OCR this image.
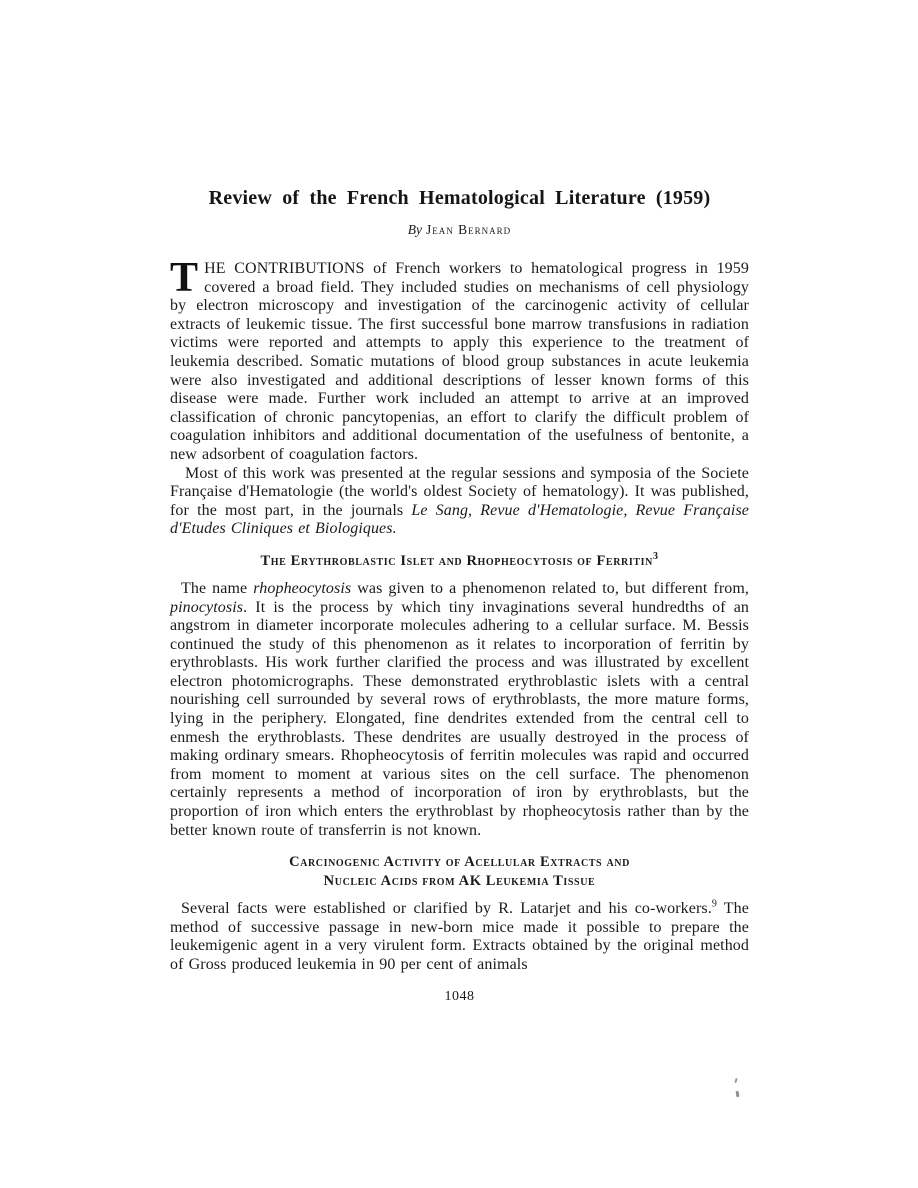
Review of the French Hematological Literature (1959)
By Jean Bernard

THE CONTRIBUTIONS of French workers to hematological progress in 1959 covered a broad field. They included studies on mechanisms of cell physiology by electron microscopy and investigation of the carcinogenic activity of cellular extracts of leukemic tissue. The first successful bone marrow transfusions in radiation victims were reported and attempts to apply this experience to the treatment of leukemia described. Somatic mutations of blood group substances in acute leukemia were also investigated and additional descriptions of lesser known forms of this disease were made. Further work included an attempt to arrive at an improved classification of chronic pancytopenias, an effort to clarify the difficult problem of coagulation inhibitors and additional documentation of the usefulness of bentonite, a new adsorbent of coagulation factors.

Most of this work was presented at the regular sessions and symposia of the Societe Française d'Hematologie (the world's oldest Society of hematology). It was published, for the most part, in the journals Le Sang, Revue d'Hematologie, Revue Française d'Etudes Cliniques et Biologiques.

The Erythroblastic Islet and Rhopheocytosis of Ferritin$^3$

The name rhopheocytosis was given to a phenomenon related to, but different from, pinocytosis. It is the process by which tiny invaginations several hundredths of an angstrom in diameter incorporate molecules adhering to a cellular surface. M. Bessis continued the study of this phenomenon as it relates to incorporation of ferritin by erythroblasts. His work further clarified the process and was illustrated by excellent electron photomicrographs. These demonstrated erythroblastic islets with a central nourishing cell surrounded by several rows of erythroblasts, the more mature forms, lying in the periphery. Elongated, fine dendrites extended from the central cell to enmesh the erythroblasts. These dendrites are usually destroyed in the process of making ordinary smears. Rhopheocytosis of ferritin molecules was rapid and occurred from moment to moment at various sites on the cell surface. The phenomenon certainly represents a method of incorporation of iron by erythroblasts, but the proportion of iron which enters the erythroblast by rhopheocytosis rather than by the better known route of transferrin is not known.

Carcinogenic Activity of Acellular Extracts and
Nucleic Acids from AK Leukemia Tissue

Several facts were established or clarified by R. Latarjet and his co-workers.$^9$ The method of successive passage in new-born mice made it possible to prepare the leukemigenic agent in a very virulent form. Extracts obtained by the original method of Gross produced leukemia in 90 per cent of animals

1048
